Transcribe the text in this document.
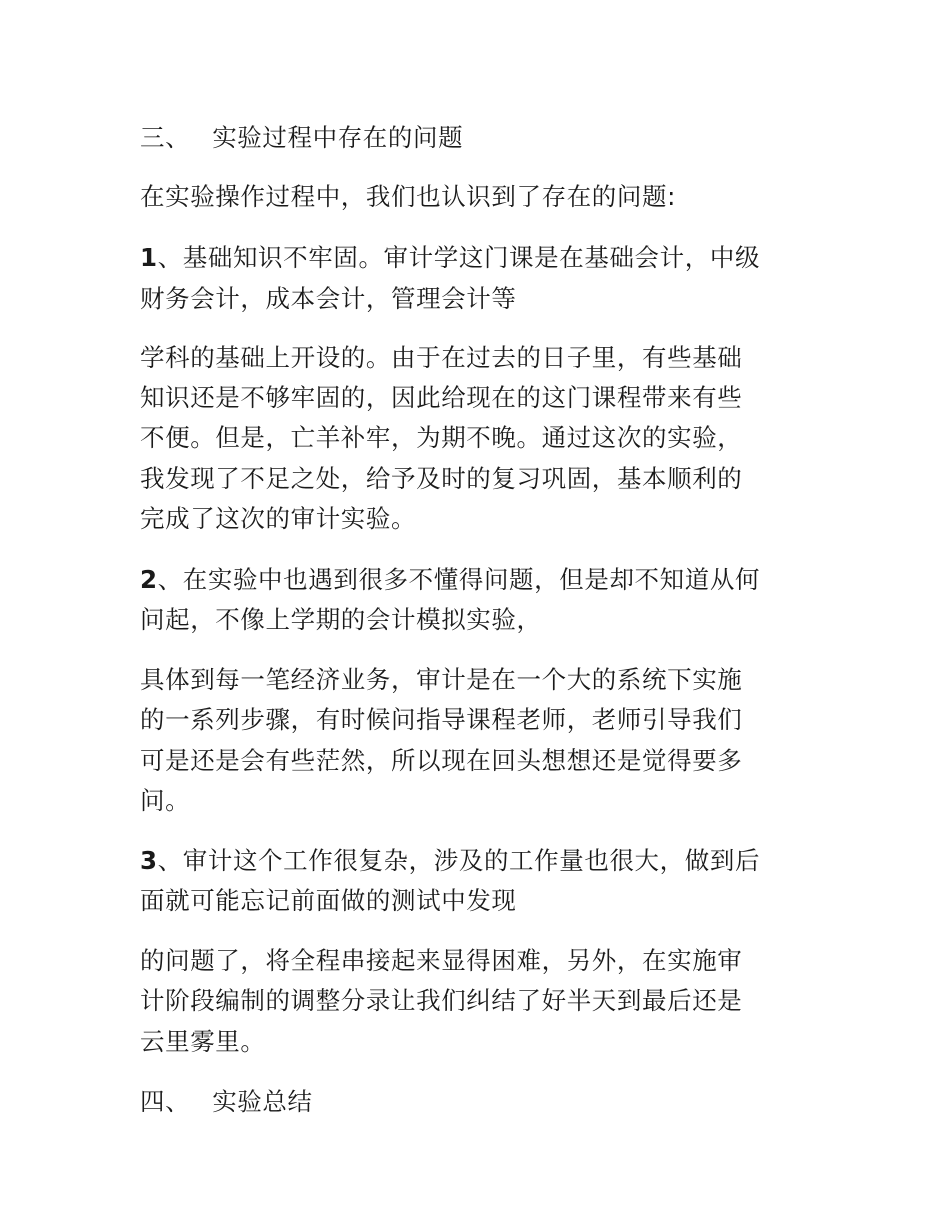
三、 实验过程中存在的问题
在实验操作过程中，我们也认识到了存在的问题:
1、基础知识不牢固。审计学这门课是在基础会计，中级
财务会计，成本会计，管理会计等
学科的基础上开设的。由于在过去的日子里，有些基础
知识还是不够牢固的，因此给现在的这门课程带来有些
不便。但是，亡羊补牢，为期不晚。通过这次的实验，
我发现了不足之处，给予及时的复习巩固，基本顺利的
完成了这次的审计实验。
2、在实验中也遇到很多不懂得问题，但是却不知道从何
问起，不像上学期的会计模拟实验，
具体到每一笔经济业务，审计是在一个大的系统下实施
的一系列步骤，有时候问指导课程老师，老师引导我们
可是还是会有些茫然，所以现在回头想想还是觉得要多
问。
3、审计这个工作很复杂，涉及的工作量也很大，做到后
面就可能忘记前面做的测试中发现
的问题了，将全程串接起来显得困难，另外，在实施审
计阶段编制的调整分录让我们纠结了好半天到最后还是
云里雾里。
四、 实验总结
